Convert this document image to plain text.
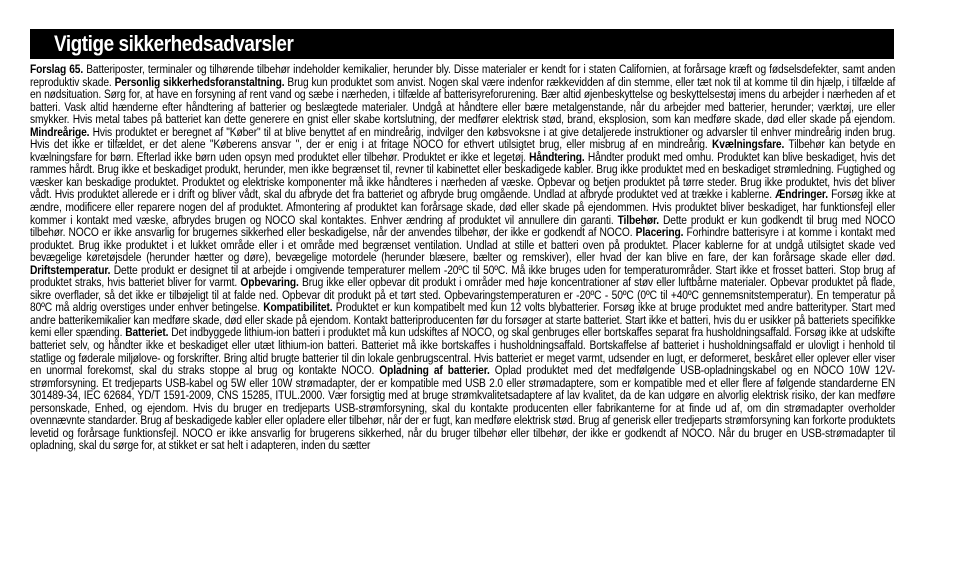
Vigtige sikkerhedsadvarsler

Forslag 65. Batteriposter, terminaler og tilhørende tilbehør indeholder kemikalier, herunder bly. Disse materialer er kendt for i staten Californien, at forårsage kræft og fødselsdefekter, samt anden reproduktiv skade. Personlig sikkerhedsforanstaltning. Brug kun produktet som anvist. Nogen skal være indenfor rækkevidden af din stemme, eller tæt nok til at komme til din hjælp, i tilfælde af en nødsituation. Sørg for, at have en forsyning af rent vand og sæbe i nærheden, i tilfælde af batterisyreforurening. Bær altid øjenbeskyttelse og beskyttelsestøj imens du arbejder i nærheden af et batteri. Vask altid hænderne efter håndtering af batterier og beslægtede materialer. Undgå at håndtere eller bære metalgenstande, når du arbejder med batterier, herunder; værktøj, ure eller smykker. Hvis metal tabes på batteriet kan dette generere en gnist eller skabe kortslutning, der medfører elektrisk stød, brand, eksplosion, som kan medføre skade, død eller skade på ejendom. Mindreårige. Hvis produktet er beregnet af "Køber" til at blive benyttet af en mindreårig, indvilger den købsvoksne i at give detaljerede instruktioner og advarsler til enhver mindreårig inden brug. Hvis det ikke er tilfældet, er det alene "Køberens ansvar ", der er enig i at fritage NOCO for ethvert utilsigtet brug, eller misbrug af en mindreårig. Kvælningsfare. Tilbehør kan betyde en kvælningsfare for børn. Efterlad ikke børn uden opsyn med produktet eller tilbehør. Produktet er ikke et legetøj. Håndtering. Håndter produkt med omhu. Produktet kan blive beskadiget, hvis det rammes hårdt. Brug ikke et beskadiget produkt, herunder, men ikke begrænset til, revner til kabinettet eller beskadigede kabler. Brug ikke produktet med en beskadiget strømledning. Fugtighed og væsker kan beskadige produktet. Produktet og elektriske komponenter må ikke håndteres i nærheden af væske. Opbevar og betjen produktet på tørre steder. Brug ikke produktet, hvis det bliver vådt. Hvis produktet allerede er i drift og bliver vådt, skal du afbryde det fra batteriet og afbryde brug omgående. Undlad at afbryde produktet ved at trække i kablerne. Ændringer. Forsøg ikke at ændre, modificere eller reparere nogen del af produktet. Afmontering af produktet kan forårsage skade, død eller skade på ejendommen. Hvis produktet bliver beskadiget, har funktionsfejl eller kommer i kontakt med væske, afbrydes brugen og NOCO skal kontaktes. Enhver ændring af produktet vil annullere din garanti. Tilbehør. Dette produkt er kun godkendt til brug med NOCO tilbehør. NOCO er ikke ansvarlig for brugernes sikkerhed eller beskadigelse, når der anvendes tilbehør, der ikke er godkendt af NOCO. Placering. Forhindre batterisyre i at komme i kontakt med produktet. Brug ikke produktet i et lukket område eller i et område med begrænset ventilation. Undlad at stille et batteri oven på produktet. Placer kablerne for at undgå utilsigtet skade ved bevægelige køretøjsdele (herunder hætter og døre), bevægelige motordele (herunder blæsere, bælter og remskiver), eller hvad der kan blive en fare, der kan forårsage skade eller død. Driftstemperatur. Dette produkt er designet til at arbejde i omgivende temperaturer mellem -20ºC til 50ºC. Må ikke bruges uden for temperaturområder. Start ikke et frosset batteri. Stop brug af produktet straks, hvis batteriet bliver for varmt. Opbevaring. Brug ikke eller opbevar dit produkt i områder med høje koncentrationer af støv eller luftbårne materialer. Opbevar produktet på flade, sikre overflader, så det ikke er tilbøjeligt til at falde ned. Opbevar dit produkt på et tørt sted. Opbevaringstemperaturen er -20ºC - 50ºC (0ºC til +40ºC gennemsnitstemperatur). En temperatur på 80ºC må aldrig overstiges under enhver betingelse. Kompatibilitet. Produktet er kun kompatibelt med kun 12 volts blybatterier. Forsøg ikke at bruge produktet med andre batterityper. Start med andre batterikemikalier kan medføre skade, død eller skade på ejendom. Kontakt batteriproducenten før du forsøger at starte batteriet. Start ikke et batteri, hvis du er usikker på batteriets specifikke kemi eller spænding. Batteriet. Det indbyggede lithium-ion batteri i produktet må kun udskiftes af NOCO, og skal genbruges eller bortskaffes separat fra husholdningsaffald. Forsøg ikke at udskifte batteriet selv, og håndter ikke et beskadiget eller utæt lithium-ion batteri. Batteriet må ikke bortskaffes i husholdningsaffald. Bortskaffelse af batteriet i husholdningsaffald er ulovligt i henhold til statlige og føderale miljølove- og forskrifter. Bring altid brugte batterier til din lokale genbrugscentral. Hvis batteriet er meget varmt, udsender en lugt, er deformeret, beskåret eller oplever eller viser en unormal forekomst, skal du straks stoppe al brug og kontakte NOCO. Opladning af batterier. Oplad produktet med det medfølgende USB-opladningskabel og en NOCO 10W 12V-strømforsyning. Et tredjeparts USB-kabel og 5W eller 10W strømadapter, der er kompatible med USB 2.0 eller strømadaptere, som er kompatible med et eller flere af følgende standarderne EN 301489-34, IEC 62684, YD/T 1591-2009, CNS 15285, ITUL.2000. Vær forsigtig med at bruge strømkvalitetsadaptere af lav kvalitet, da de kan udgøre en alvorlig elektrisk risiko, der kan medføre personskade, Enhed, og ejendom. Hvis du bruger en tredjeparts USB-strømforsyning, skal du kontakte producenten eller fabrikanterne for at finde ud af, om din strømadapter overholder ovennævnte standarder. Brug af beskadigede kabler eller opladere eller tilbehør, når der er fugt, kan medføre elektrisk stød. Brug af generisk eller tredjeparts strømforsyning kan forkorte produktets levetid og forårsage funktionsfejl. NOCO er ikke ansvarlig for brugerens sikkerhed, når du bruger tilbehør eller tilbehør, der ikke er godkendt af NOCO. Når du bruger en USB-strømadapter til opladning, skal du sørge for, at stikket er sat helt i adapteren, inden du sætter
